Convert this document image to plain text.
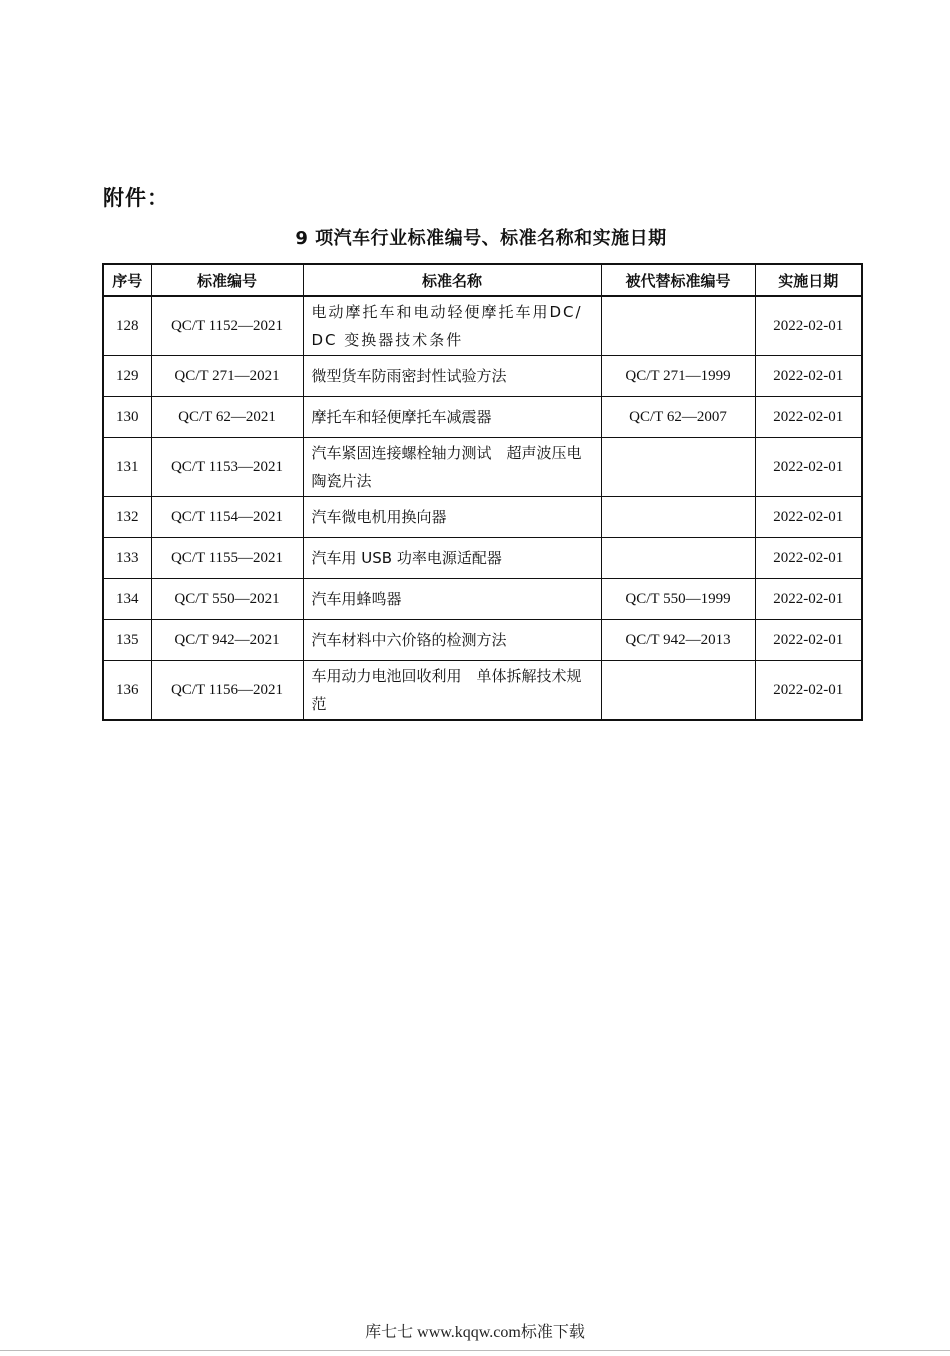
附件：
9 项汽车行业标准编号、标准名称和实施日期
序号	标准编号	标准名称	被代替标准编号	实施日期
128	QC/T 1152—2021	电动摩托车和电动轻便摩托车用DC/DC 变换器技术条件		2022-02-01
129	QC/T 271—2021	微型货车防雨密封性试验方法	QC/T 271—1999	2022-02-01
130	QC/T 62—2021	摩托车和轻便摩托车减震器	QC/T 62—2007	2022-02-01
131	QC/T 1153—2021	汽车紧固连接螺栓轴力测试　超声波压电陶瓷片法		2022-02-01
132	QC/T 1154—2021	汽车微电机用换向器		2022-02-01
133	QC/T 1155—2021	汽车用 USB 功率电源适配器		2022-02-01
134	QC/T 550—2021	汽车用蜂鸣器	QC/T 550—1999	2022-02-01
135	QC/T 942—2021	汽车材料中六价铬的检测方法	QC/T 942—2013	2022-02-01
136	QC/T 1156—2021	车用动力电池回收利用　单体拆解技术规范		2022-02-01
库七七 www.kqqw.com标准下载
